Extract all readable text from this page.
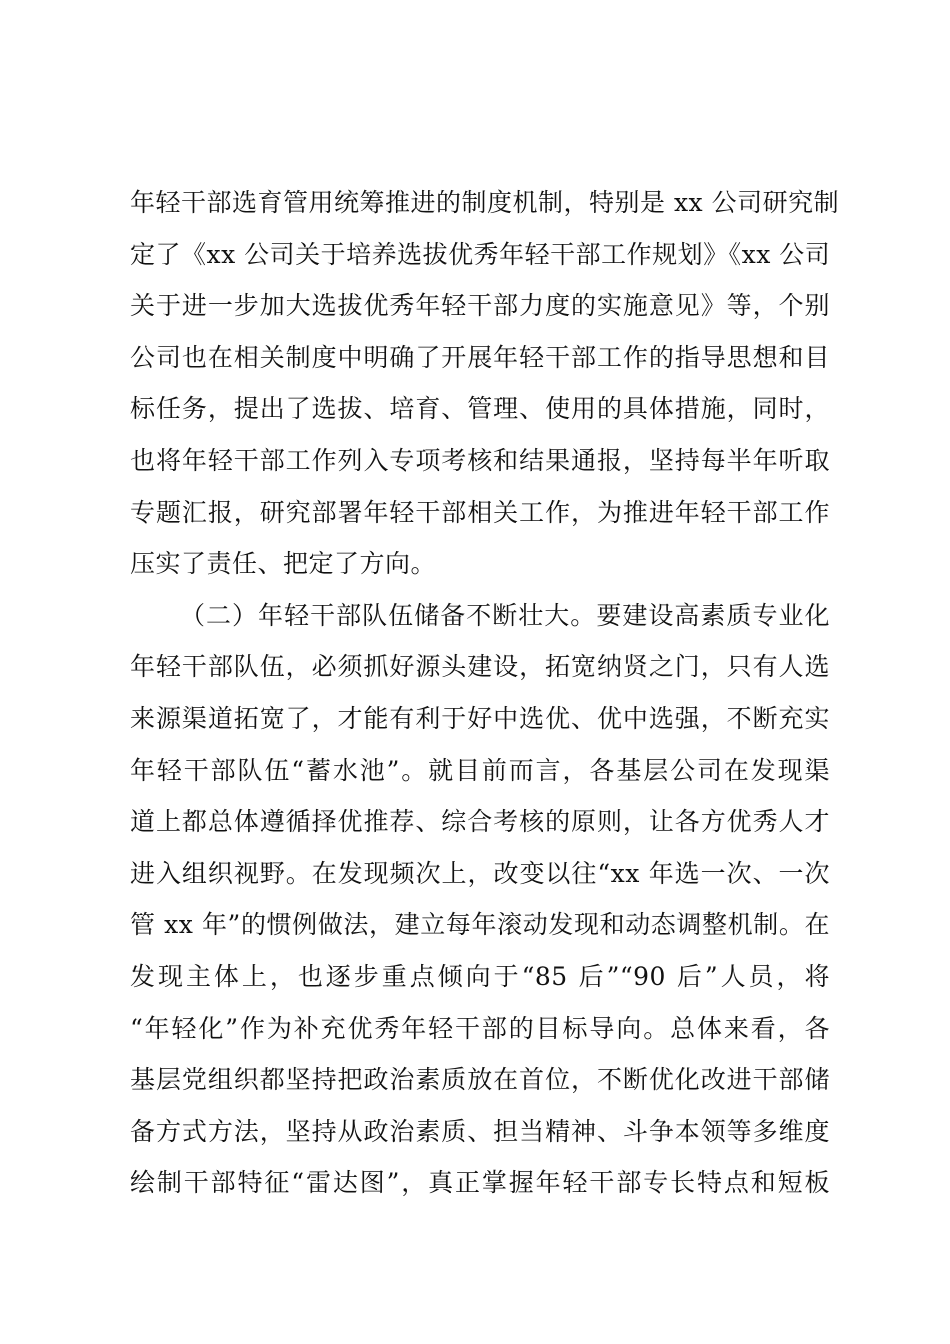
年轻干部选育管用统筹推进的制度机制，特别是 xx 公司研究制
定了《xx 公司关于培养选拔优秀年轻干部工作规划》《xx 公司
关于进一步加大选拔优秀年轻干部力度的实施意见》等，个别
公司也在相关制度中明确了开展年轻干部工作的指导思想和目
标任务，提出了选拔、培育、管理、使用的具体措施，同时，
也将年轻干部工作列入专项考核和结果通报，坚持每半年听取
专题汇报，研究部署年轻干部相关工作，为推进年轻干部工作
压实了责任、把定了方向。
（二）年轻干部队伍储备不断壮大。要建设高素质专业化
年轻干部队伍，必须抓好源头建设，拓宽纳贤之门，只有人选
来源渠道拓宽了，才能有利于好中选优、优中选强，不断充实
年轻干部队伍“蓄水池”。就目前而言，各基层公司在发现渠
道上都总体遵循择优推荐、综合考核的原则，让各方优秀人才
进入组织视野。在发现频次上，改变以往“xx 年选一次、一次
管 xx 年”的惯例做法，建立每年滚动发现和动态调整机制。在
发现主体上，也逐步重点倾向于“85 后”“90 后”人员，将
“年轻化”作为补充优秀年轻干部的目标导向。总体来看，各
基层党组织都坚持把政治素质放在首位，不断优化改进干部储
备方式方法，坚持从政治素质、担当精神、斗争本领等多维度
绘制干部特征“雷达图”，真正掌握年轻干部专长特点和短板
